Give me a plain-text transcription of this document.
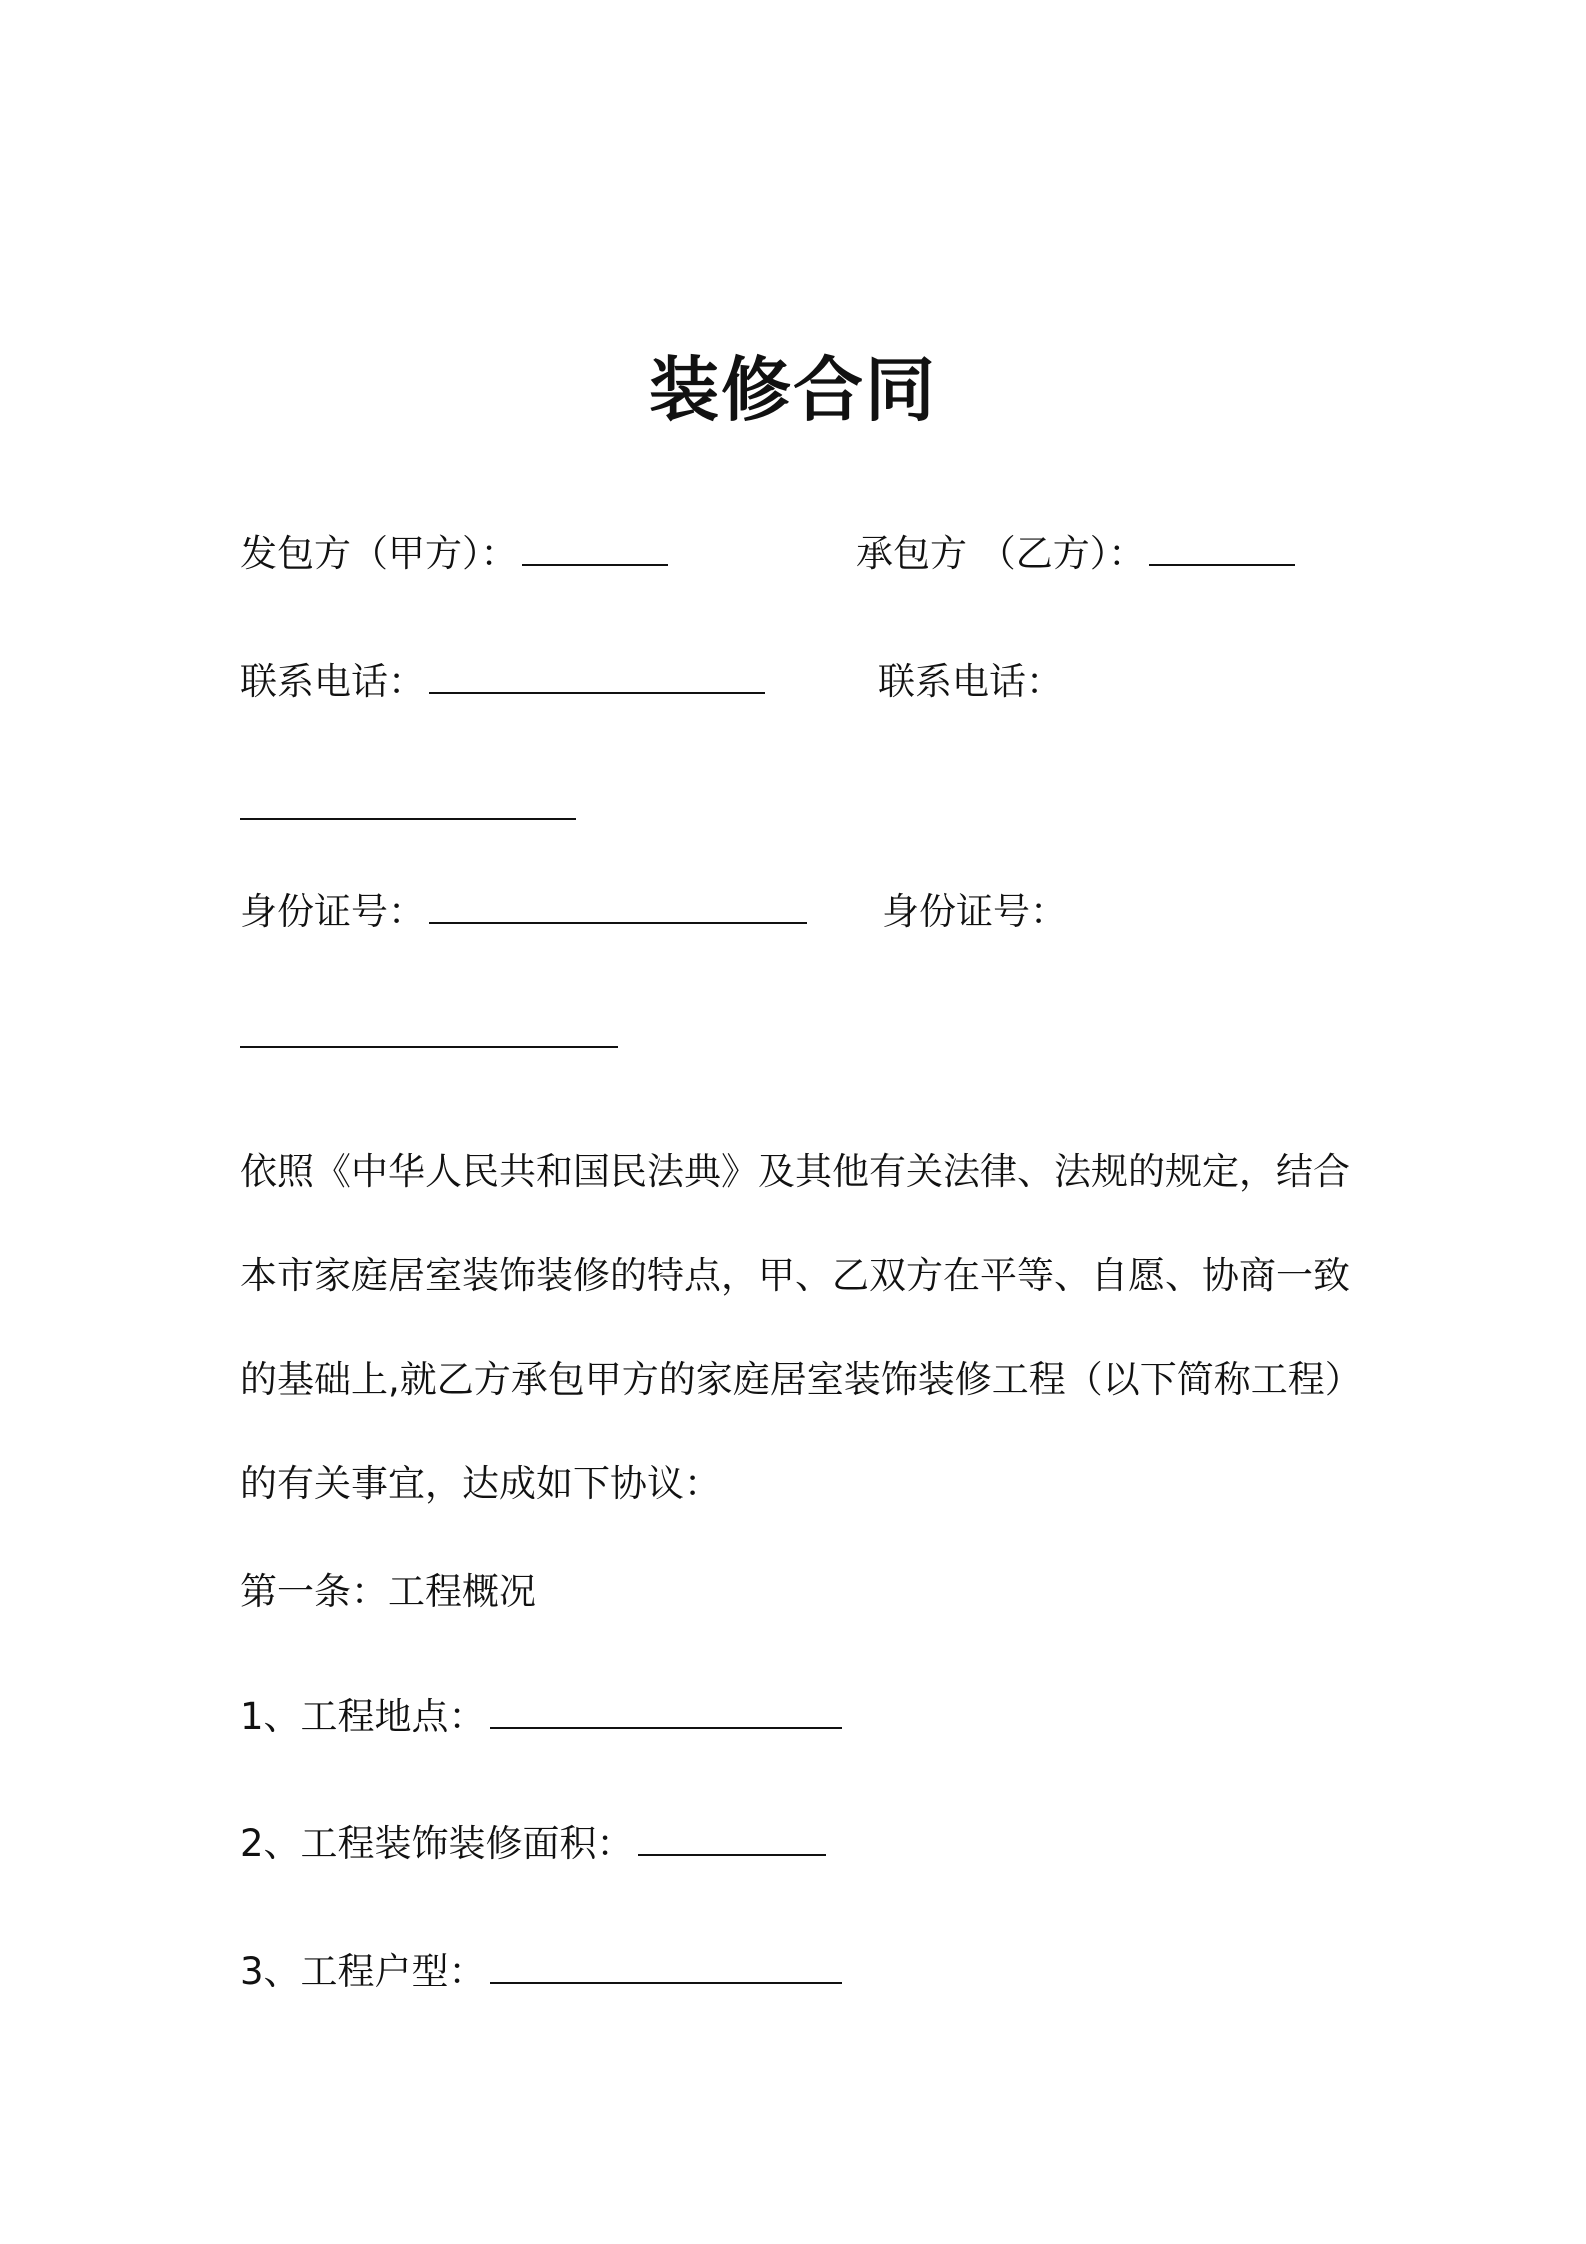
装修合同
发包方（甲方）：	承包方 （乙方）：
联系电话：	联系电话：
身份证号：	身份证号：
依照《中华人民共和国民法典》及其他有关法律、法规的规定，结合
本市家庭居室装饰装修的特点，甲、乙双方在平等、自愿、协商一致
的基础上,就乙方承包甲方的家庭居室装饰装修工程（以下简称工程）
的有关事宜，达成如下协议：
第一条：工程概况
1、工程地点：
2、工程装饰装修面积：
3、工程户型：
